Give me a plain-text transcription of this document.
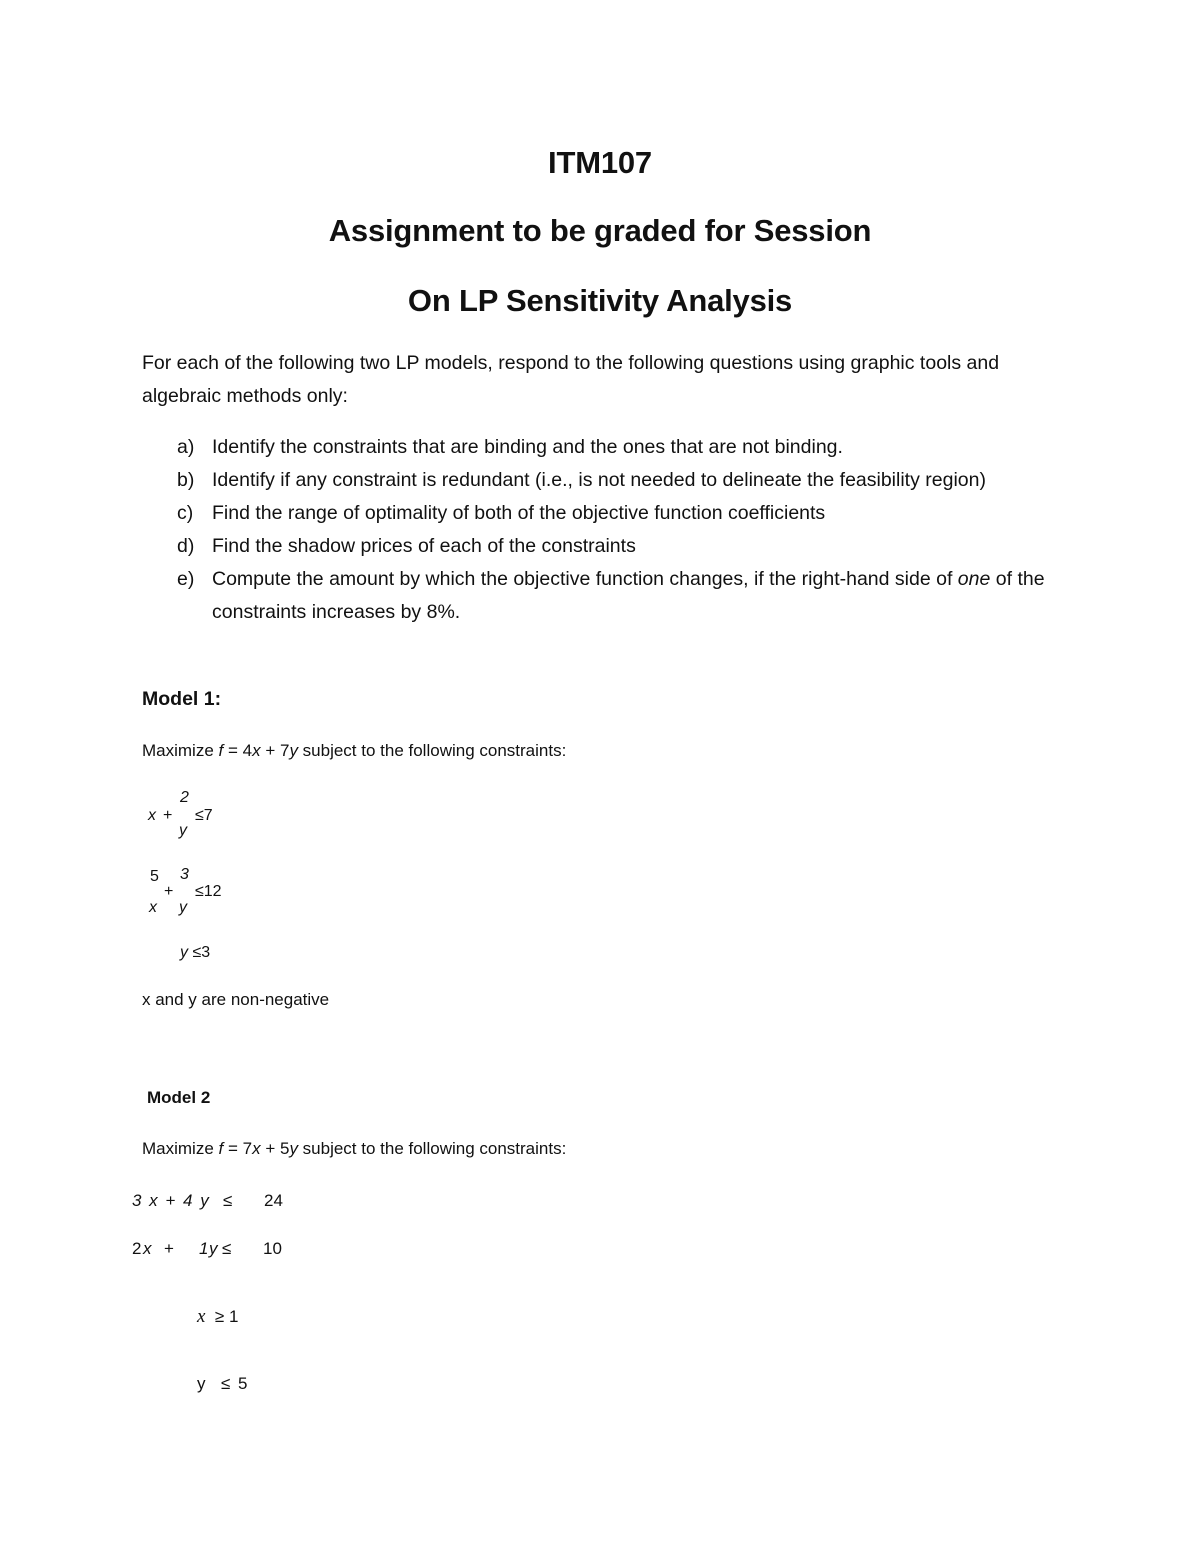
ITM107
Assignment to be graded for Session
On LP Sensitivity Analysis
For each of the following two LP models, respond to the following questions using graphic tools and algebraic methods only:
a) Identify the constraints that are binding and the ones that are not binding.
b) Identify if any constraint is redundant (i.e., is not needed to delineate the feasibility region)
c) Find the range of optimality of both of the objective function coefficients
d) Find the shadow prices of each of the constraints
e) Compute the amount by which the objective function changes, if the right-hand side of one of the constraints increases by 8%.
Model 1:
Maximize f = 4x + 7y subject to the following constraints:
x +
2
y
≤7
5
x
+
3
y
≤12
y ≤3
x and y are non-negative
Model 2
Maximize f = 7x + 5y subject to the following constraints:
3 x + 4 y ≤ 24
2 x + 1 y ≤ 10
x ≥ 1
y ≤ 5
